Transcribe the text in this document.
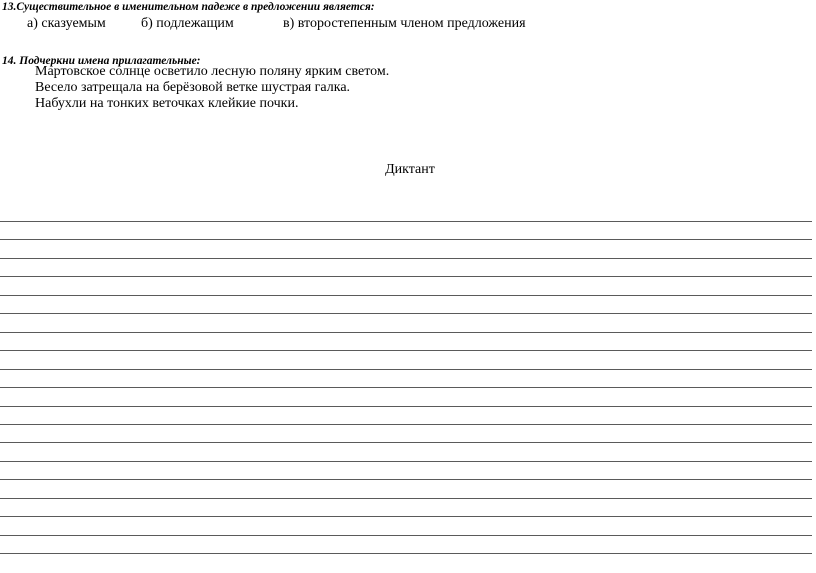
13.Существительное в именительном падеже в предложении является:
а) сказуемым	б) подлежащим	в) второстепенным членом предложения
14. Подчеркни имена прилагательные:
Мартовское солнце осветило лесную поляну ярким светом.
Весело затрещала на берёзовой ветке шустрая галка.
Набухли на тонких веточках клейкие почки.
Диктант
